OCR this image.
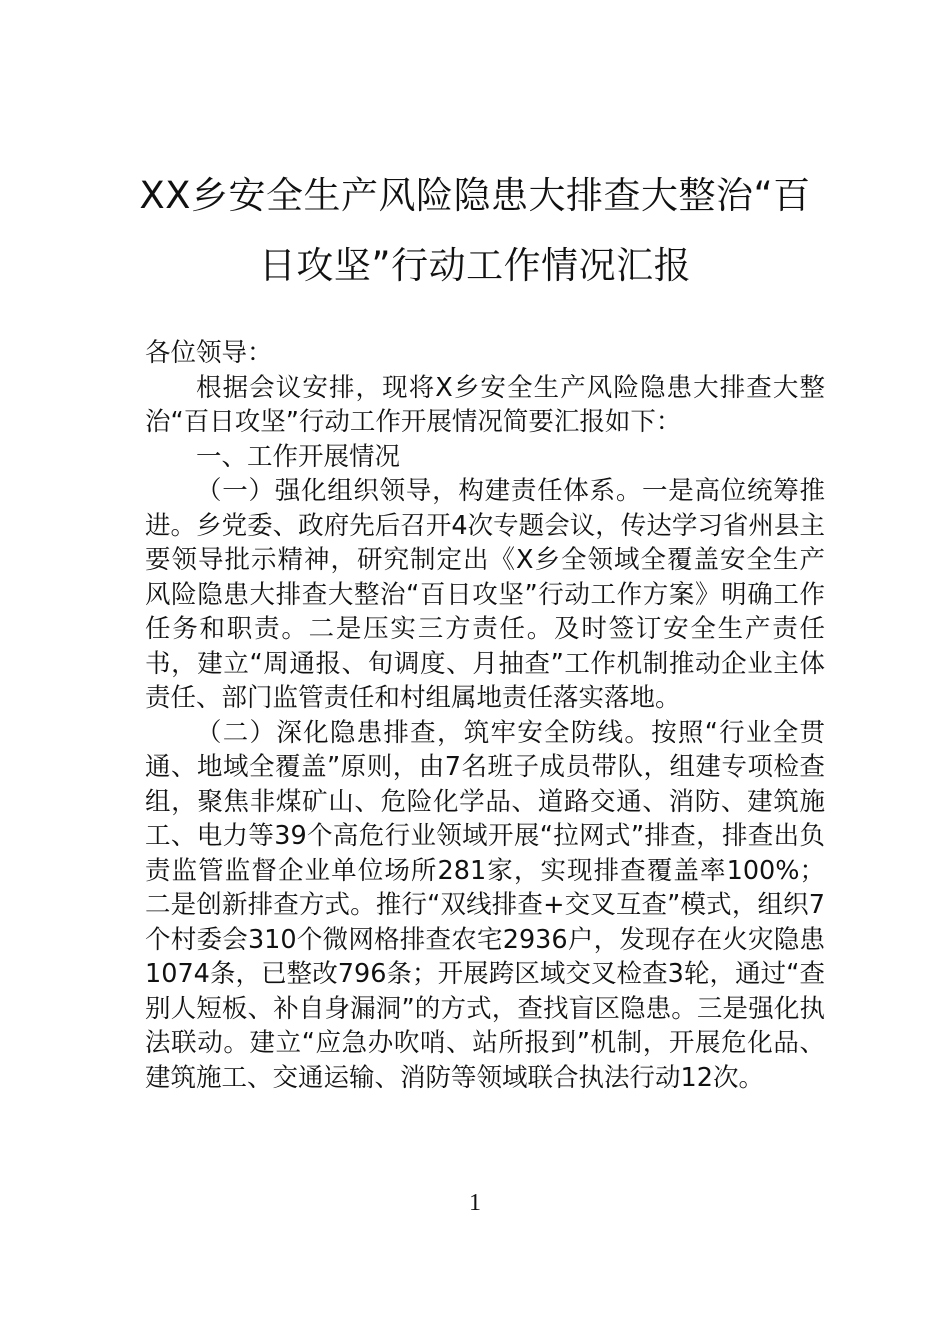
XX乡安全生产风险隐患大排查大整治“百
日攻坚”行动工作情况汇报

各位领导：

根据会议安排，现将X乡安全生产风险隐患大排查大整治“百日攻坚”行动工作开展情况简要汇报如下：

一、工作开展情况

（一）强化组织领导，构建责任体系。一是高位统筹推进。乡党委、政府先后召开4次专题会议，传达学习省州县主要领导批示精神，研究制定出《X乡全领域全覆盖安全生产风险隐患大排查大整治“百日攻坚”行动工作方案》明确工作任务和职责。二是压实三方责任。及时签订安全生产责任书，建立“周通报、旬调度、月抽查”工作机制推动企业主体责任、部门监管责任和村组属地责任落实落地。

（二）深化隐患排查，筑牢安全防线。按照“行业全贯通、地域全覆盖”原则，由7名班子成员带队，组建专项检查组，聚焦非煤矿山、危险化学品、道路交通、消防、建筑施工、电力等39个高危行业领域开展“拉网式”排查，排查出负责监管监督企业单位场所281家，实现排查覆盖率100%；二是创新排查方式。推行“双线排查+交叉互查”模式，组织7个村委会310个微网格排查农宅2936户，发现存在火灾隐患1074条，已整改796条；开展跨区域交叉检查3轮，通过“查别人短板、补自身漏洞”的方式，查找盲区隐患。三是强化执法联动。建立“应急办吹哨、站所报到”机制，开展危化品、建筑施工、交通运输、消防等领域联合执法行动12次。

1
